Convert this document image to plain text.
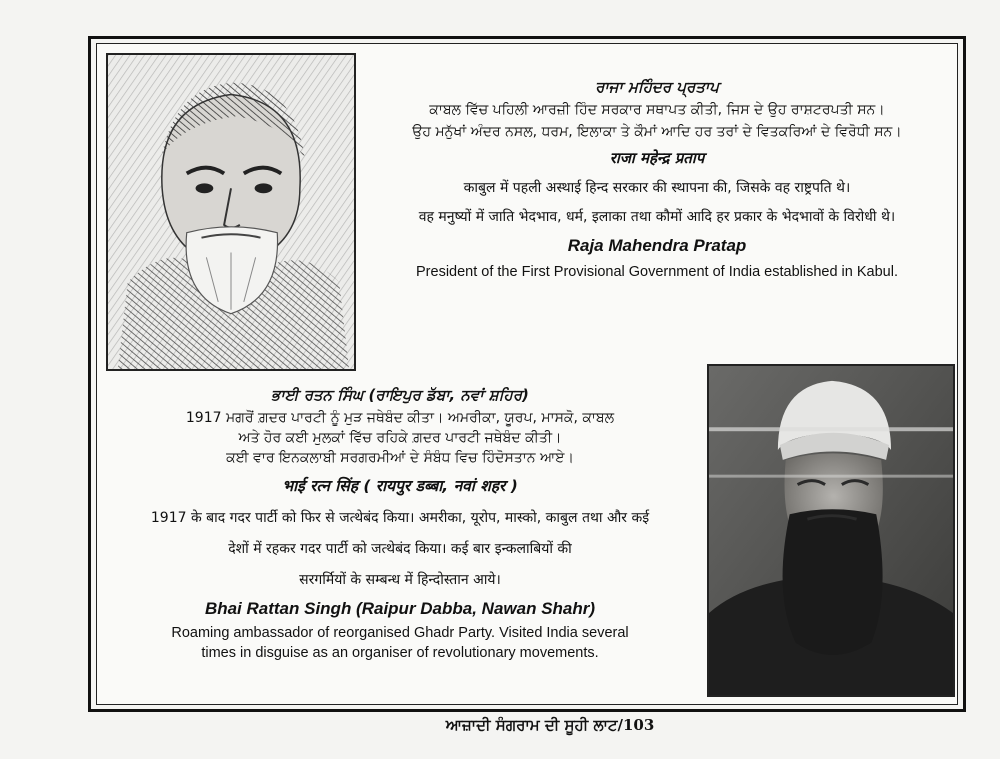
ਰਾਜਾ ਮਹਿੰਦਰ ਪ੍ਰਤਾਪ
ਕਾਬਲ ਵਿੱਚ ਪਹਿਲੀ ਆਰਜ਼ੀ ਹਿੰਦ ਸਰਕਾਰ ਸਥਾਪਤ ਕੀਤੀ, ਜਿਸ ਦੇ ਉਹ ਰਾਸ਼ਟਰਪਤੀ ਸਨ।
ਉਹ ਮਨੁੱਖਾਂ ਅੰਦਰ ਨਸਲ, ਧਰਮ, ਇਲਾਕਾ ਤੇ ਕੌਮਾਂ ਆਦਿ ਹਰ ਤਰਾਂ ਦੇ ਵਿਤਕਰਿਆਂ ਦੇ ਵਿਰੋਧੀ ਸਨ।
राजा महेन्द्र प्रताप
काबुल में पहली अस्थाई हिन्द सरकार की स्थापना की, जिसके वह राष्ट्रपति थे।
वह मनुष्यों में जाति भेदभाव, धर्म, इलाका तथा कौमों आदि हर प्रकार के भेदभावों के विरोधी थे।
Raja Mahendra Pratap
President of the First Provisional Government of India established in Kabul.
ਭਾਈ ਰਤਨ ਸਿੰਘ (ਰਾਇਪੁਰ ਡੱਬਾ, ਨਵਾਂ ਸ਼ਹਿਰ)
1917 ਮਗਰੋਂ ਗ਼ਦਰ ਪਾਰਟੀ ਨੂੰ ਮੁੜ ਜਥੇਬੰਦ ਕੀਤਾ। ਅਮਰੀਕਾ, ਯੂਰਪ, ਮਾਸਕੋ, ਕਾਬਲ
ਅਤੇ ਹੋਰ ਕਈ ਮੁਲਕਾਂ ਵਿੱਚ ਰਹਿਕੇ ਗ਼ਦਰ ਪਾਰਟੀ ਜਥੇਬੰਦ ਕੀਤੀ।
ਕਈ ਵਾਰ ਇਨਕਲਾਬੀ ਸਰਗਰਮੀਆਂ ਦੇ ਸੰਬੰਧ ਵਿਚ ਹਿੰਦੋਸਤਾਨ ਆਏ।
भाई रत्न सिंह ( रायपुर डब्बा, नवां शहर )
1917 के बाद गदर पार्टी को फिर से जत्थेबंद किया। अमरीका, यूरोप, मास्को, काबुल तथा और कई
देशों में रहकर गदर पार्टी को जत्थेबंद किया। कई बार इन्कलाबियों की
सरगर्मियों के सम्बन्ध में हिन्दोस्तान आये।
Bhai Rattan Singh (Raipur Dabba, Nawan Shahr)
Roaming ambassador of reorganised Ghadr Party. Visited India several
times in disguise as an organiser of revolutionary movements.
ਆਜ਼ਾਦੀ ਸੰਗਰਾਮ ਦੀ ਸੂਹੀ ਲਾਟ/103
